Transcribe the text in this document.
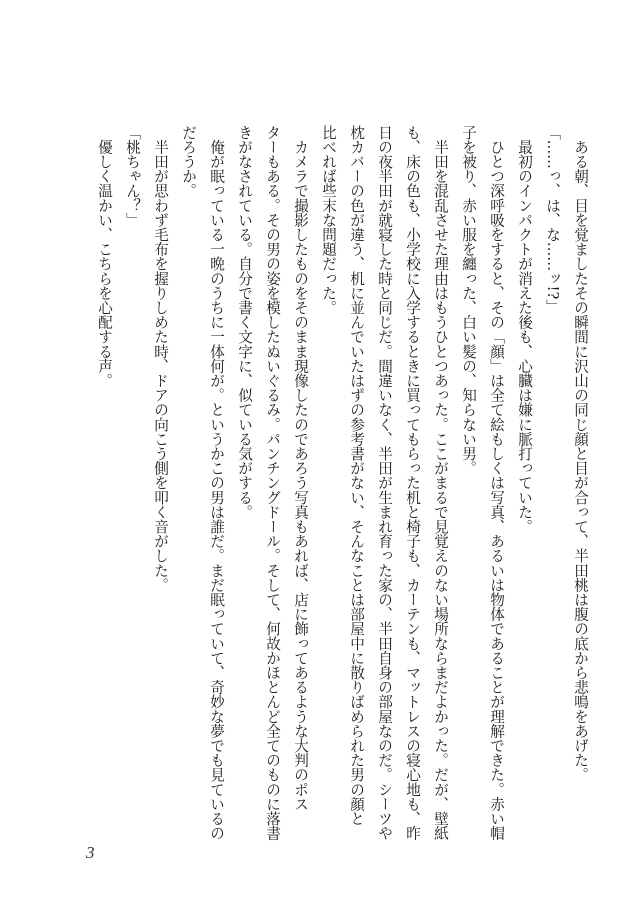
　ある朝、目を覚ましたその瞬間に沢山の同じ顔と目が合って、半田桃は腹の底から悲鳴をあげた。

「……っ、は、な……ッ!?」

　最初のインパクトが消えた後も、心臓は嫌に脈打っていた。

　ひとつ深呼吸をすると、その「顔」は全て絵もしくは写真、あるいは物体であることが理解できた。赤い帽

子を被り、赤い服を纏った、白い髪の、知らない男。

　半田を混乱させた理由はもうひとつあった。ここがまるで見覚えのない場所ならまだよかった。だが、壁紙

も、床の色も、小学校に入学するときに買ってもらった机と椅子も、カーテンも、マットレスの寝心地も、昨

日の夜半田が就寝した時と同じだ。間違いなく、半田が生まれ育った家の、半田自身の部屋なのだ。シーツや

枕カバーの色が違う、机に並んでいたはずの参考書がない、そんなことは部屋中に散りばめられた男の顔と

比べれば些末な問題だった。

　カメラで撮影したものをそのまま現像したのであろう写真もあれば、店に飾ってあるような大判のポス

ターもある。その男の姿を模したぬいぐるみ。パンチングドール。そして、何故かほとんど全てのものに落書

きがなされている。自分で書く文字に、似ている気がする。

　俺が眠っている一晩のうちに一体何が。というかこの男は誰だ。まだ眠っていて、奇妙な夢でも見ているの

だろうか。

　半田が思わず毛布を握りしめた時、ドアの向こう側を叩く音がした。

「桃ちゃん？」

　優しく温かい、こちらを心配する声。

3
